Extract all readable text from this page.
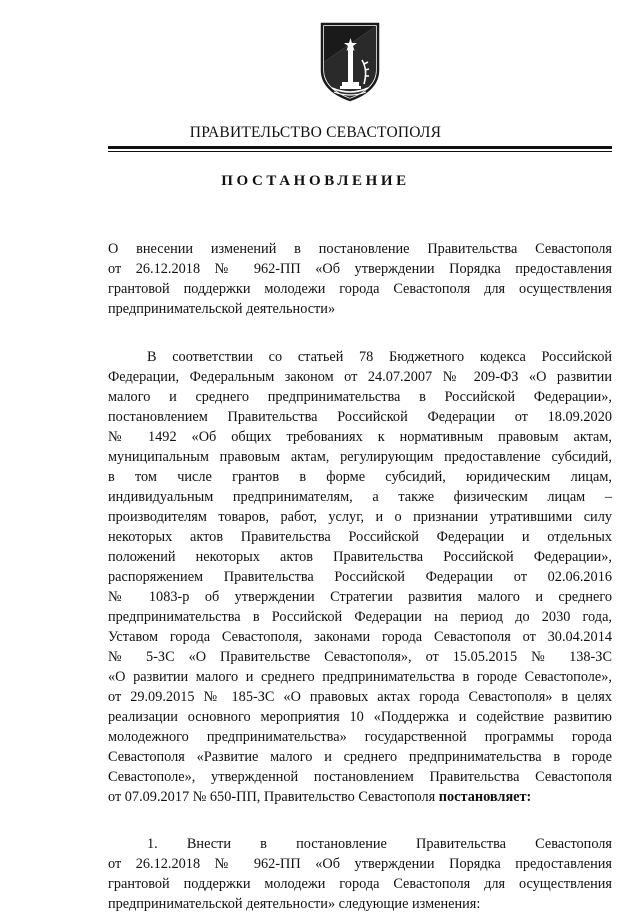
ПРАВИТЕЛЬСТВО СЕВАСТОПОЛЯ
ПОСТАНОВЛЕНИЕ
О внесении изменений в постановление Правительства Севастополя
от 26.12.2018 № 962-ПП «Об утверждении Порядка предоставления
грантовой поддержки молодежи города Севастополя для осуществления
предпринимательской деятельности»
В соответствии со статьей 78 Бюджетного кодекса Российской
Федерации, Федеральным законом от 24.07.2007 № 209-ФЗ «О развитии
малого и среднего предпринимательства в Российской Федерации»,
постановлением Правительства Российской Федерации от 18.09.2020
№ 1492 «Об общих требованиях к нормативным правовым актам,
муниципальным правовым актам, регулирующим предоставление субсидий,
в том числе грантов в форме субсидий, юридическим лицам,
индивидуальным предпринимателям, а также физическим лицам –
производителям товаров, работ, услуг, и о признании утратившими силу
некоторых актов Правительства Российской Федерации и отдельных
положений некоторых актов Правительства Российской Федерации»,
распоряжением Правительства Российской Федерации от 02.06.2016
№ 1083-р об утверждении Стратегии развития малого и среднего
предпринимательства в Российской Федерации на период до 2030 года,
Уставом города Севастополя, законами города Севастополя от 30.04.2014
№ 5-ЗС «О Правительстве Севастополя», от 15.05.2015 № 138-ЗС
«О развитии малого и среднего предпринимательства в городе Севастополе»,
от 29.09.2015 № 185-ЗС «О правовых актах города Севастополя» в целях
реализации основного мероприятия 10 «Поддержка и содействие развитию
молодежного предпринимательства» государственной программы города
Севастополя «Развитие малого и среднего предпринимательства в городе
Севастополе», утвержденной постановлением Правительства Севастополя
от 07.09.2017 № 650-ПП, Правительство Севастополя постановляет:
1. Внести в постановление Правительства Севастополя
от 26.12.2018 № 962-ПП «Об утверждении Порядка предоставления
грантовой поддержки молодежи города Севастополя для осуществления
предпринимательской деятельности» следующие изменения:
